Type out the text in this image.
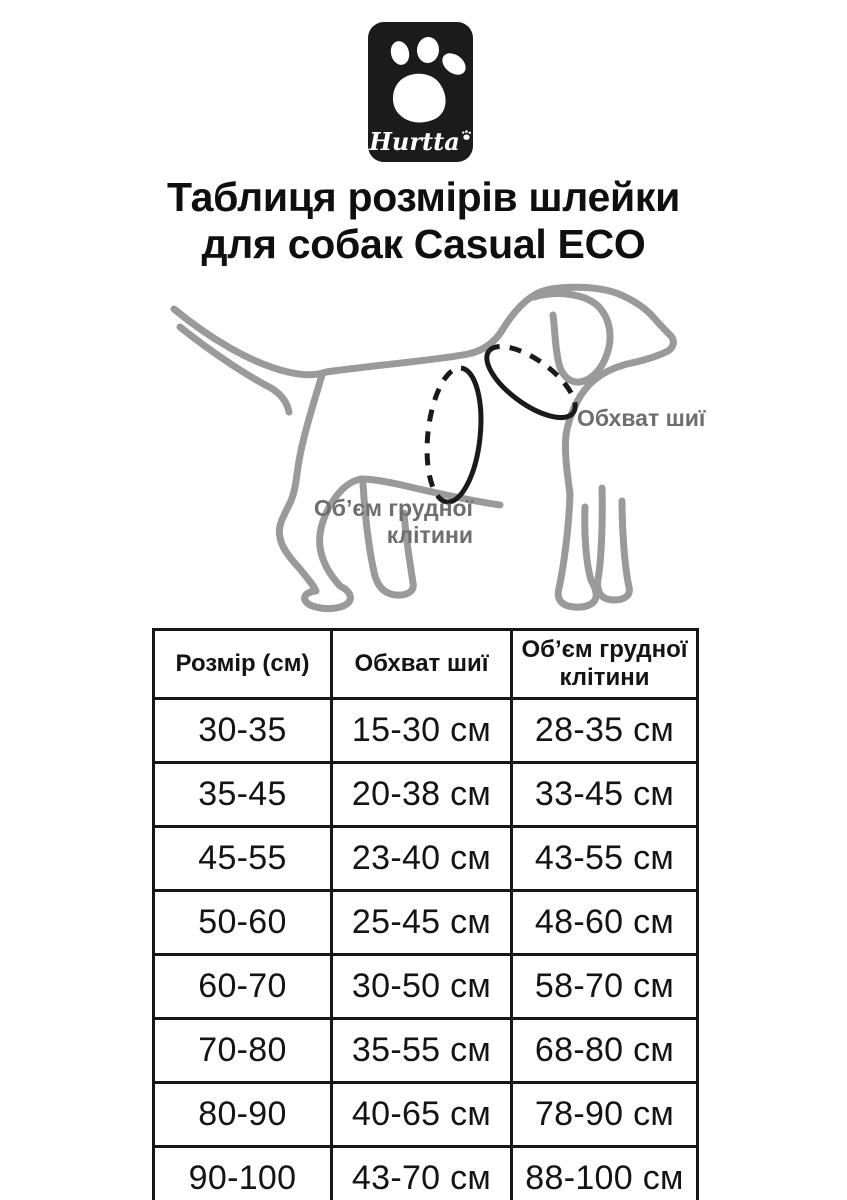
Hurtta
Таблиця розмірів шлейки
для собак Casual ECO
Обхват шиї
Об’єм грудної
клітини
Розмір (см)	Обхват шиї	Об’єм грудної клітини
30-35	15-30 см	28-35 см
35-45	20-38 см	33-45 см
45-55	23-40 см	43-55 см
50-60	25-45 см	48-60 см
60-70	30-50 см	58-70 см
70-80	35-55 см	68-80 см
80-90	40-65 см	78-90 см
90-100	43-70 см	88-100 см
